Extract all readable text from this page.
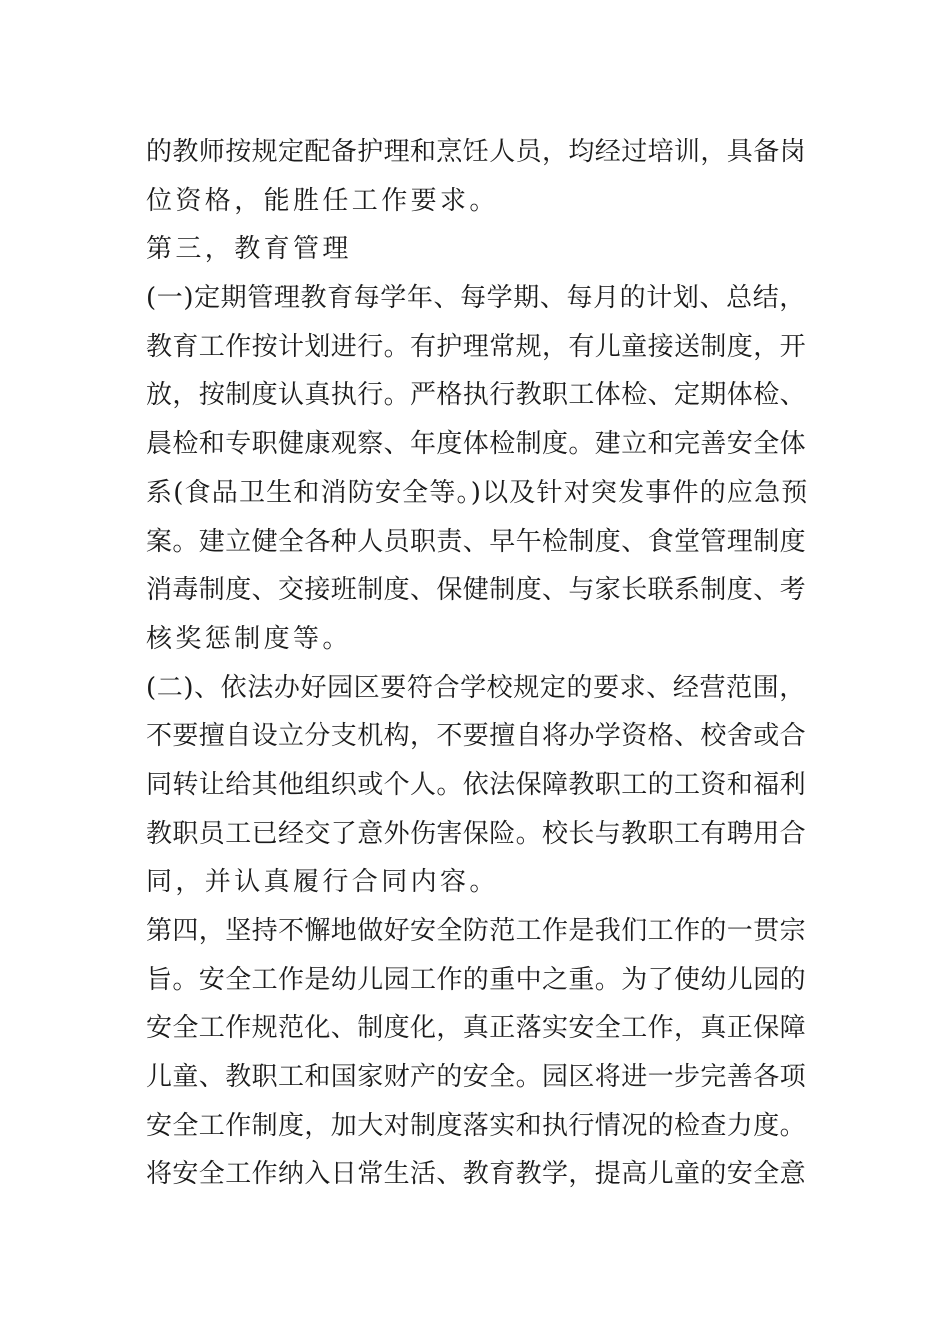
的教师按规定配备护理和烹饪人员，均经过培训，具备岗
位资格，能胜任工作要求。
第三，教育管理
(一)定期管理教育每学年、每学期、每月的计划、总结，
教育工作按计划进行。有护理常规，有儿童接送制度，开
放，按制度认真执行。严格执行教职工体检、定期体检、
晨检和专职健康观察、年度体检制度。建立和完善安全体
系(食品卫生和消防安全等。)以及针对突发事件的应急预
案。建立健全各种人员职责、早午检制度、食堂管理制度
消毒制度、交接班制度、保健制度、与家长联系制度、考
核奖惩制度等。
(二)、依法办好园区要符合学校规定的要求、经营范围，
不要擅自设立分支机构，不要擅自将办学资格、校舍或合
同转让给其他组织或个人。依法保障教职工的工资和福利
教职员工已经交了意外伤害保险。校长与教职工有聘用合
同，并认真履行合同内容。
第四，坚持不懈地做好安全防范工作是我们工作的一贯宗
旨。安全工作是幼儿园工作的重中之重。为了使幼儿园的
安全工作规范化、制度化，真正落实安全工作，真正保障
儿童、教职工和国家财产的安全。园区将进一步完善各项
安全工作制度，加大对制度落实和执行情况的检查力度。
将安全工作纳入日常生活、教育教学，提高儿童的安全意
